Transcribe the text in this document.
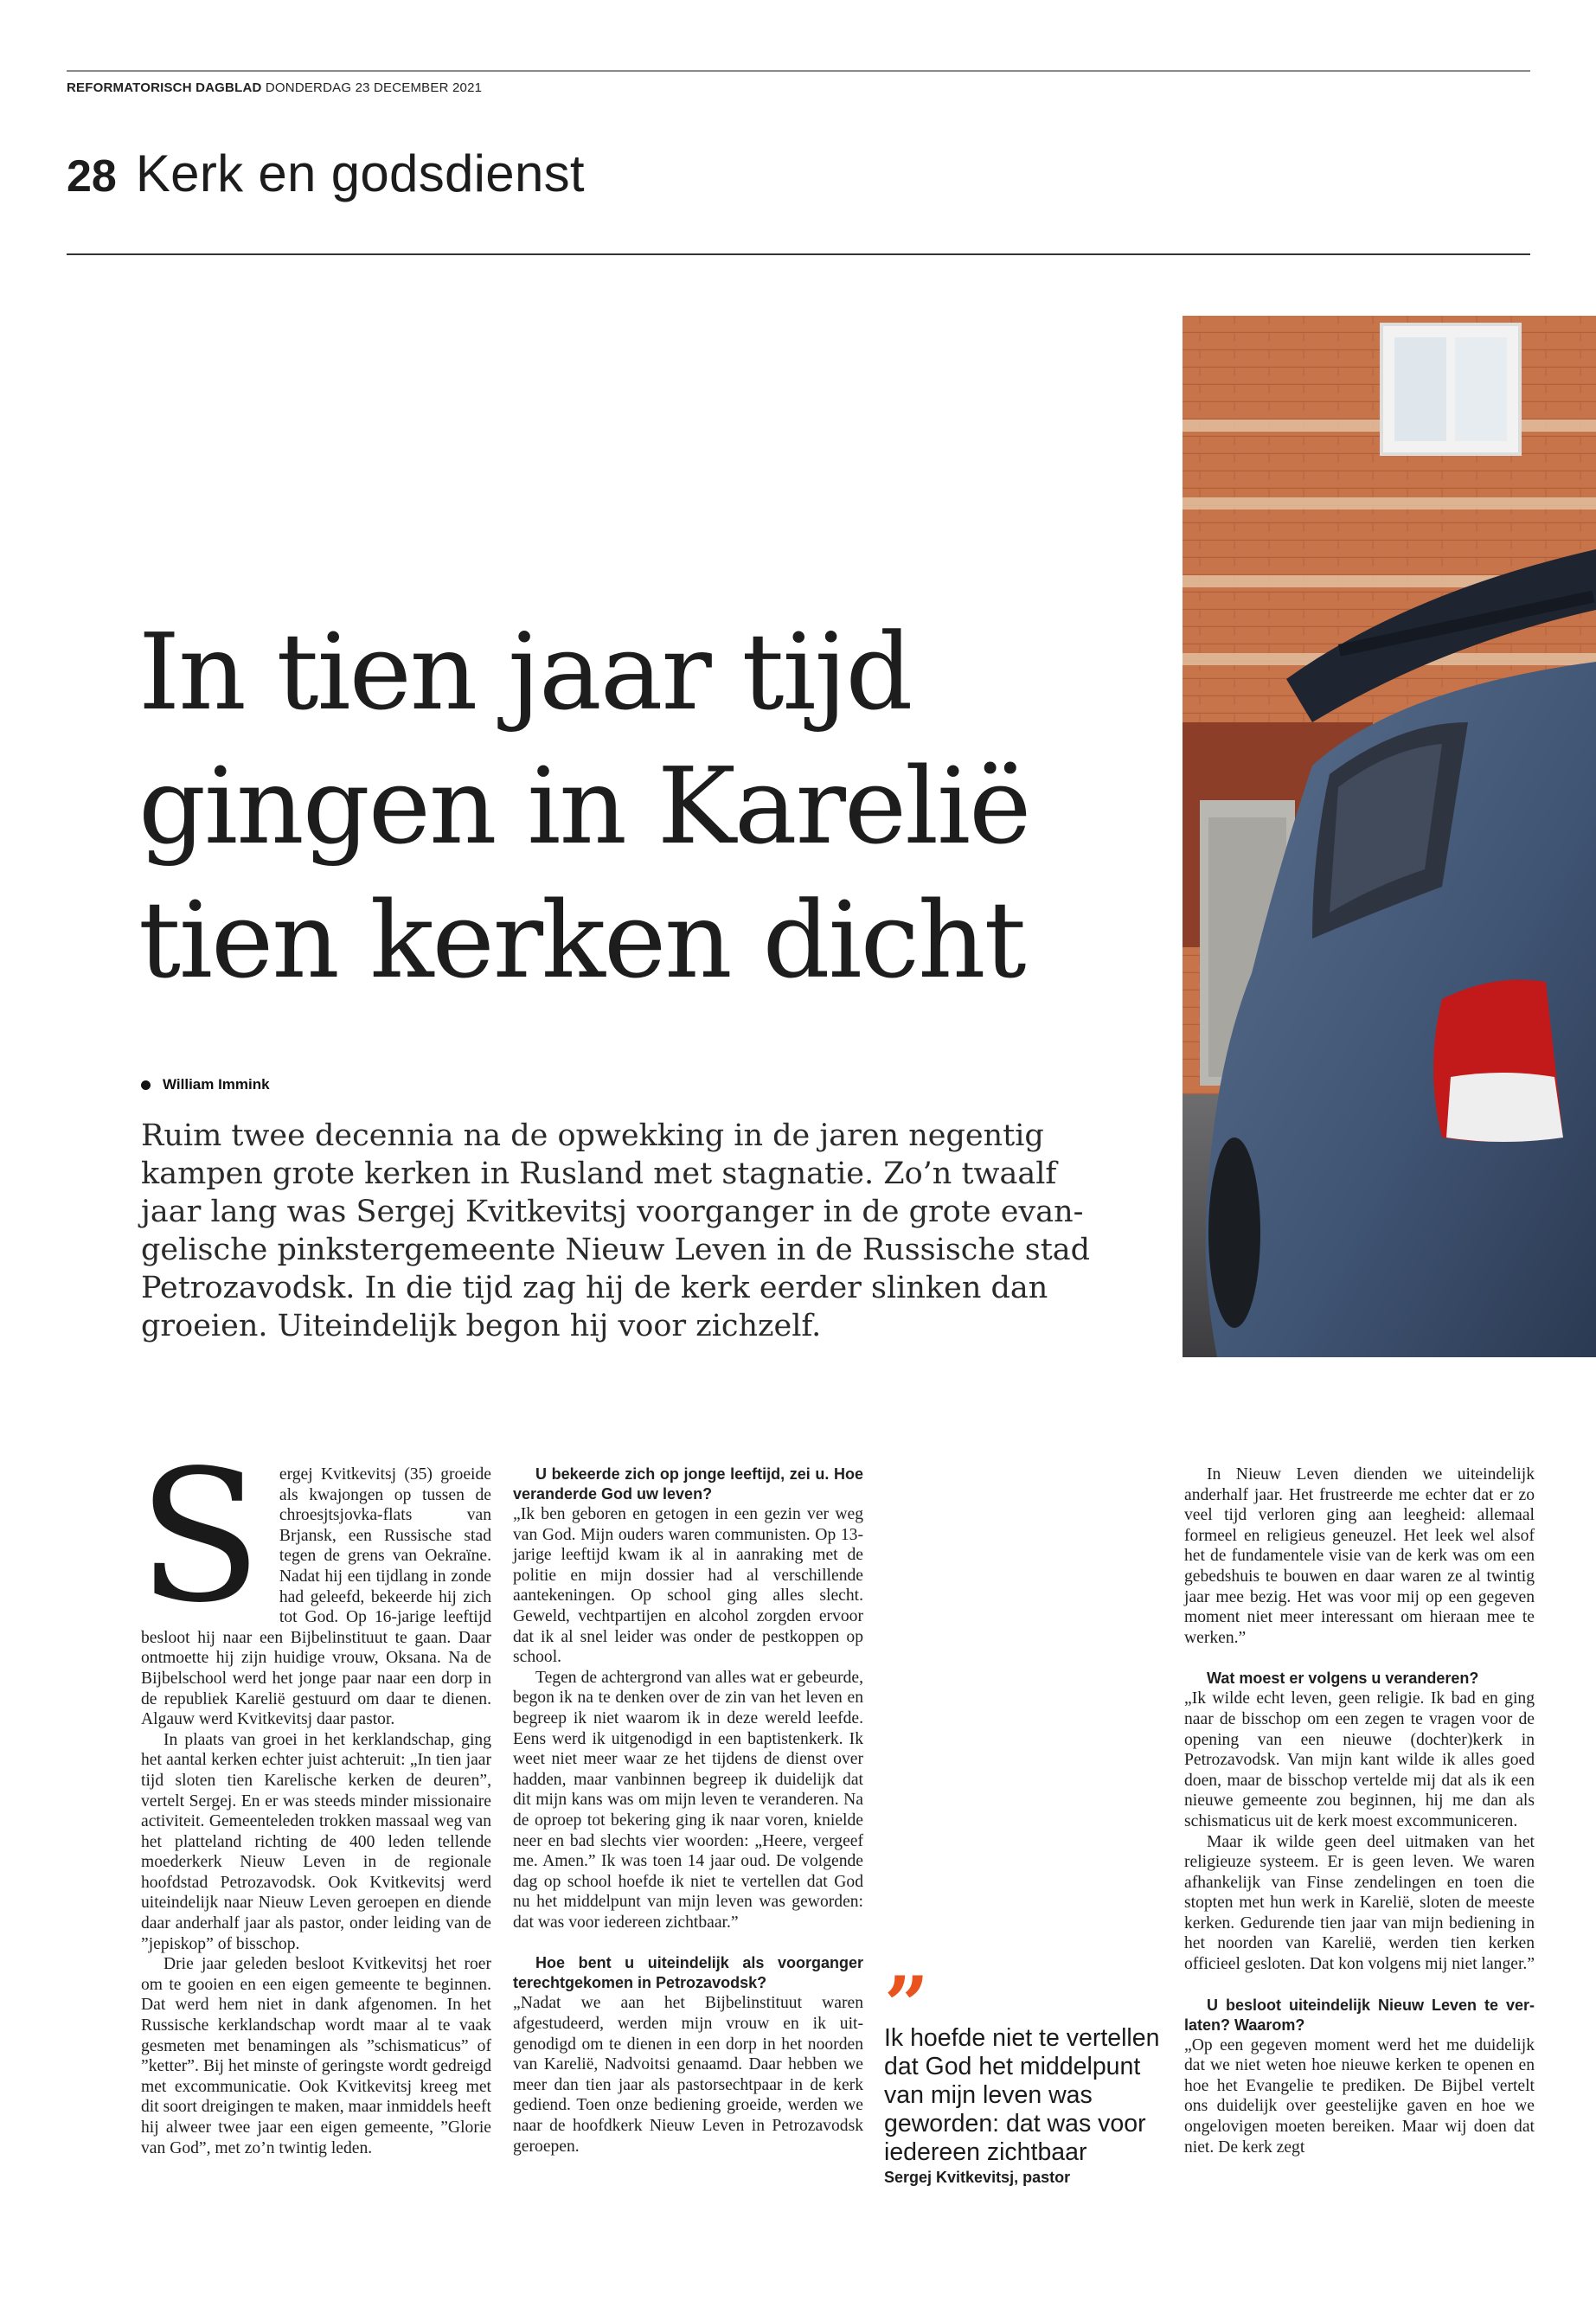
REFORMATORISCH DAGBLAD DONDERDAG 23 DECEMBER 2021
28 Kerk en godsdienst
In tien jaar tijd
gingen in Karelië
tien kerken dicht
William Immink

Ruim twee decennia na de opwekking in de jaren negentig kampen grote kerken in Rusland met stagnatie. Zo’n twaalf jaar lang was Sergej Kvitkevitsj voorganger in de grote evangelische pinkstergemeente Nieuw Leven in de Russische stad Petrozavodsk. In die tijd zag hij de kerk eerder slinken dan groeien. Uiteindelijk begon hij voor zichzelf.

S	ergej Kvitkevitsj (35) groeide als kwajongen op tussen de chroesjtsjovka-flats van Brjansk, een Russische stad tegen de grens van Oekraïne. Nadat hij een tijdlang in zonde had geleefd, bekeerde hij zich tot God. Op 16-jarige leeftijd besloot hij naar een Bijbelinstituut te gaan. Daar ontmoette hij zijn huidige vrouw, Oksana. Na de Bijbelschool werd het jonge paar naar een dorp in de republiek Karelië gestuurd om daar te dienen. Algauw werd Kvitkevitsj daar pastor.

In plaats van groei in het kerklandschap, ging het aantal kerken echter juist achteruit: „In tien jaar tijd sloten tien Karelische kerken de deuren”, vertelt Sergej. En er was steeds minder missionaire activiteit. Gemeenteleden trokken massaal weg van het platteland richting de 400 leden tellende moederkerk Nieuw Leven in de regionale hoofdstad Petrozavodsk. Ook Kvitkevitsj werd uiteindelijk naar Nieuw Leven geroepen en diende daar anderhalf jaar als pastor, onder leiding van de ”jepiskop” of bisschop.

Drie jaar geleden besloot Kvitkevitsj het roer om te gooien en een eigen gemeente te beginnen. Dat werd hem niet in dank afgenomen. In het Russische kerklandschap wordt maar al te vaak gesmeten met benamingen als ”schismaticus” of ”ketter”. Bij het minste of geringste wordt gedreigd met excommunicatie. Ook Kvitkevitsj kreeg met dit soort dreigingen te maken, maar inmiddels heeft hij alweer twee jaar een eigen gemeente, ”Glorie van God”, met zo’n twintig leden.

U bekeerde zich op jonge leeftijd, zei u. Hoe veranderde God uw leven?

„Ik ben geboren en getogen in een gezin ver weg van God. Mijn ouders waren communisten. Op 13-jarige leeftijd kwam ik al in aanraking met de politie en mijn dossier had al verschillende aantekeningen. Op school ging alles slecht. Geweld, vechtpartijen en alcohol zorgden ervoor dat ik al snel leider was onder de pestkoppen op school.

Tegen de achtergrond van alles wat er gebeurde, begon ik na te denken over de zin van het leven en begreep ik niet waarom ik in deze wereld leefde. Eens werd ik uitgenodigd in een baptistenkerk. Ik weet niet meer waar ze het tijdens de dienst over hadden, maar vanbinnen begreep ik duidelijk dat dit mijn kans was om mijn leven te veranderen. Na de oproep tot bekering ging ik naar voren, knielde neer en bad slechts vier woorden: „Heere, vergeef me. Amen.” Ik was toen 14 jaar oud. De volgende dag op school hoefde ik niet te vertellen dat God nu het middelpunt van mijn leven was geworden: dat was voor iedereen zichtbaar.”

Hoe bent u uiteindelijk als voorganger terechtgekomen in Petrozavodsk?

„Nadat we aan het Bijbelinstituut waren afgestudeerd, werden mijn vrouw en ik uitgenodigd om te dienen in een dorp in het noorden van Karelië, Nadvoitsi genaamd. Daar hebben we meer dan tien jaar als pastorsechtpaar in de kerk gediend. Toen onze bediening groeide, werden we naar de hoofdkerk Nieuw Leven in Petrozavodsk geroepen.

”

Ik hoefde niet te vertellen dat God het middelpunt van mijn leven was geworden: dat was voor iedereen zichtbaar

Sergej Kvitkevitsj, pastor

In Nieuw Leven dienden we uiteindelijk anderhalf jaar. Het frustreerde me echter dat er zo veel tijd verloren ging aan leegheid: allemaal formeel en religieus geneuzel. Het leek wel alsof het de fundamentele visie van de kerk was om een gebedshuis te bouwen en daar waren ze al twintig jaar mee bezig. Het was voor mij op een gegeven moment niet meer interessant om hieraan mee te werken.”

Wat moest er volgens u veranderen?

„Ik wilde echt leven, geen religie. Ik bad en ging naar de bisschop om een zegen te vragen voor de opening van een nieuwe (dochter)kerk in Petrozavodsk. Van mijn kant wilde ik alles goed doen, maar de bisschop vertelde mij dat als ik een nieuwe gemeente zou beginnen, hij me dan als schismaticus uit de kerk moest excommuniceren.

Maar ik wilde geen deel uitmaken van het religieuze systeem. Er is geen leven. We waren afhankelijk van Finse zendelingen en toen die stopten met hun werk in Karelië, sloten de meeste kerken. Gedurende tien jaar van mijn bediening in het noorden van Karelië, werden tien kerken officieel gesloten. Dat kon volgens mij niet langer.”

U besloot uiteindelijk Nieuw Leven te verlaten? Waarom?

„Op een gegeven moment werd het me duidelijk dat we niet weten hoe nieuwe kerken te openen en hoe het Evangelie te prediken. De Bijbel vertelt ons duidelijk over geestelijke gaven en hoe we ongelovigen moeten bereiken. Maar wij doen dat niet. De kerk zegt
